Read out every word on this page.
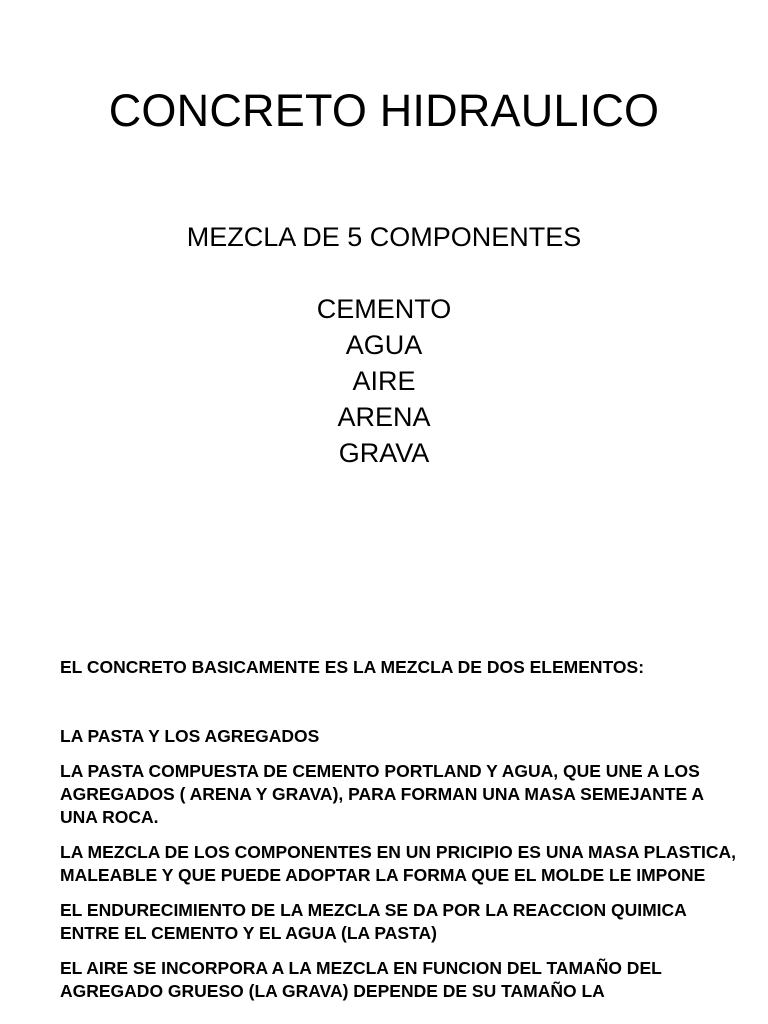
CONCRETO HIDRAULICO
MEZCLA DE 5 COMPONENTES
CEMENTO
AGUA
AIRE
ARENA
GRAVA

EL CONCRETO BASICAMENTE ES LA MEZCLA DE DOS ELEMENTOS:

LA PASTA Y LOS AGREGADOS

LA PASTA COMPUESTA DE CEMENTO PORTLAND Y AGUA, QUE UNE A LOS AGREGADOS ( ARENA Y GRAVA), PARA FORMAN UNA MASA SEMEJANTE A UNA ROCA.

LA MEZCLA DE LOS COMPONENTES EN UN PRICIPIO ES UNA MASA PLASTICA, MALEABLE Y QUE PUEDE ADOPTAR LA FORMA QUE EL MOLDE LE IMPONE

EL ENDURECIMIENTO DE LA MEZCLA SE DA POR LA REACCION QUIMICA ENTRE EL CEMENTO Y EL AGUA (LA PASTA)

EL AIRE SE INCORPORA A LA MEZCLA EN FUNCION DEL TAMAÑO DEL AGREGADO GRUESO (LA GRAVA) DEPENDE DE SU TAMAÑO LA
